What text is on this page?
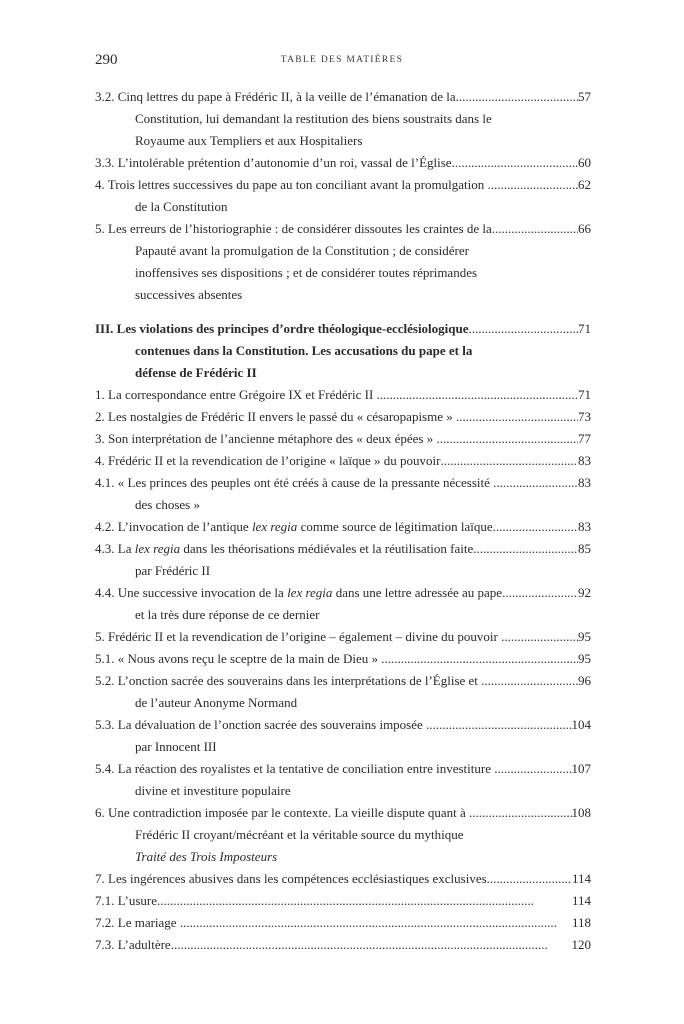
290	TABLE DES MATIÈRES
3.2. Cinq lettres du pape à Frédéric II, à la veille de l’émanation de la .....	57
Constitution, lui demandant la restitution des biens soustraits dans le
Royaume aux Templiers et aux Hospitaliers
3.3. L’intolérable prétention d’autonomie d’un roi, vassal de l’Église .....	60
4. Trois lettres successives du pape au ton conciliant avant la promulgation .....	62
de la Constitution
5. Les erreurs de l’historiographie : de considérer dissoutes les craintes de la .....	66
Papauté avant la promulgation de la Constitution ; de considérer
inoffensives ses dispositions ; et de considérer toutes réprimandes
successives absentes
III. Les violations des principes d’ordre théologique-ecclésiologique .....	71
contenues dans la Constitution. Les accusations du pape et la
défense de Frédéric II
1. La correspondance entre Grégoire IX et Frédéric II .....	71
2. Les nostalgies de Frédéric II envers le passé du « césaropapisme » .....	73
3. Son interprétation de l’ancienne métaphore des « deux épées » .....	77
4. Frédéric II et la revendication de l’origine « laïque » du pouvoir .....	83
4.1. « Les princes des peuples ont été créés à cause de la pressante nécessité .....	83
des choses »
4.2. L’invocation de l’antique lex regia comme source de légitimation laïque .....	83
4.3. La lex regia dans les théorisations médiévales et la réutilisation faite .....	85
par Frédéric II
4.4. Une successive invocation de la lex regia dans une lettre adressée au pape .....	92
et la très dure réponse de ce dernier
5. Frédéric II et la revendication de l’origine – également – divine du pouvoir .....	95
5.1. « Nous avons reçu le sceptre de la main de Dieu » .....	95
5.2. L’onction sacrée des souverains dans les interprétations de l’Église et .....	96
de l’auteur Anonyme Normand
5.3. La dévaluation de l’onction sacrée des souverains imposée .....	104
par Innocent III
5.4. La réaction des royalistes et la tentative de conciliation entre investiture .....	107
divine et investiture populaire
6. Une contradiction imposée par le contexte. La vieille dispute quant à .....	108
Frédéric II croyant/mécréant et la véritable source du mythique
Traité des Trois Imposteurs
7. Les ingérences abusives dans les compétences ecclésiastiques exclusives .....	114
7.1. L’usure .....	114
7.2. Le mariage .....	118
7.3. L’adultère .....	120
